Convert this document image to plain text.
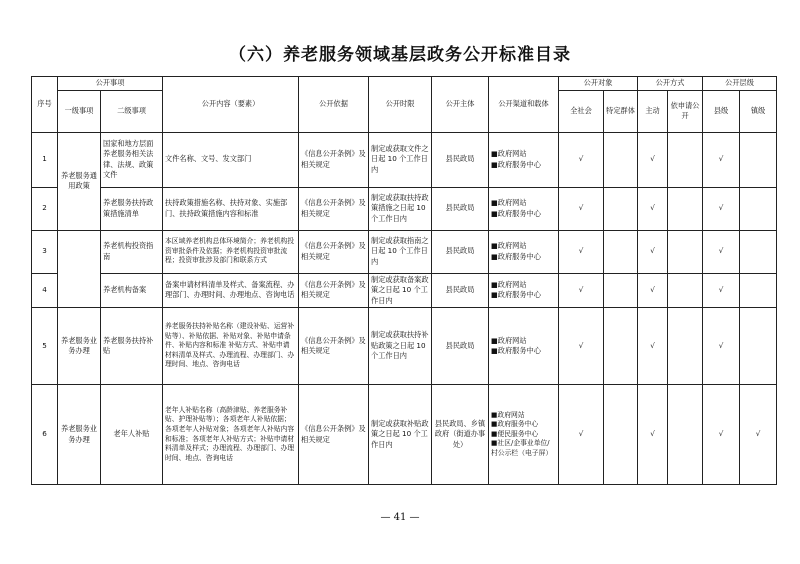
（六）养老服务领域基层政务公开标准目录
序号	公开事项		公开内容（要素）	公开依据	公开时限	公开主体	公开渠道和载体	公开对象		公开方式		公开层级	
	一级事项	二级事项						全社会	特定群体	主动	依申请公开	县级	镇级
1	养老服务通用政策	国家和地方层面养老服务相关法律、法规、政策文件	文件名称、文号、发文部门	《信息公开条例》及相关规定	制定或获取文件之日起 10 个工作日内	县民政局	■政府网站
■政府服务中心	√		√		√	
2		养老服务扶持政策措施清单	扶持政策措施名称、扶持对象、实施部门、扶持政策措施内容和标准	《信息公开条例》及相关规定	制定或获取扶持政策措施之日起 10 个工作日内	县民政局	■政府网站
■政府服务中心	√		√		√	
3		养老机构投资指南	本区域养老机构总体环境简介；养老机构投资审批条件及依据；养老机构投资审批流程；投资审批涉及部门和联系方式	《信息公开条例》及相关规定	制定或获取指南之日起 10 个工作日内	县民政局	■政府网站
■政府服务中心	√		√		√	
4		养老机构备案	备案申请材料清单及样式、备案流程、办理部门、办理时间、办理地点、咨询电话	《信息公开条例》及相关规定	制定或获取备案政策之日起 10 个工作日内	县民政局	■政府网站
■政府服务中心	√		√		√	
5	养老服务业务办理	养老服务扶持补贴	养老服务扶持补贴名称（建设补贴、运营补贴等）、补贴依据、补贴对象、补贴申请条件、补贴内容和标准 补贴方式、补贴申请材料清单及样式、办理流程、办理部门、办理时间、地点、咨询电话	《信息公开条例》及相关规定	制定或获取扶持补贴政策之日起 10 个工作日内	县民政局	■政府网站
■政府服务中心	√		√		√	
6	养老服务业务办理	老年人补贴	老年人补贴名称（高龄津贴、养老服务补贴、护理补贴等）；各项老年人补贴依据；各项老年人补贴对象；各项老年人补贴内容和标准；各项老年人补贴方式；补贴申请材料清单及样式；办理流程、办理部门、办理时间、地点、咨询电话	《信息公开条例》及相关规定	制定或获取补贴政策之日起 10 个工作日内	县民政局、乡镇政府（街道办事处）	■政府网站
■政府服务中心
■便民服务中心
■社区/企事业单位/村公示栏（电子屏）	√		√		√	√
— 41 —
